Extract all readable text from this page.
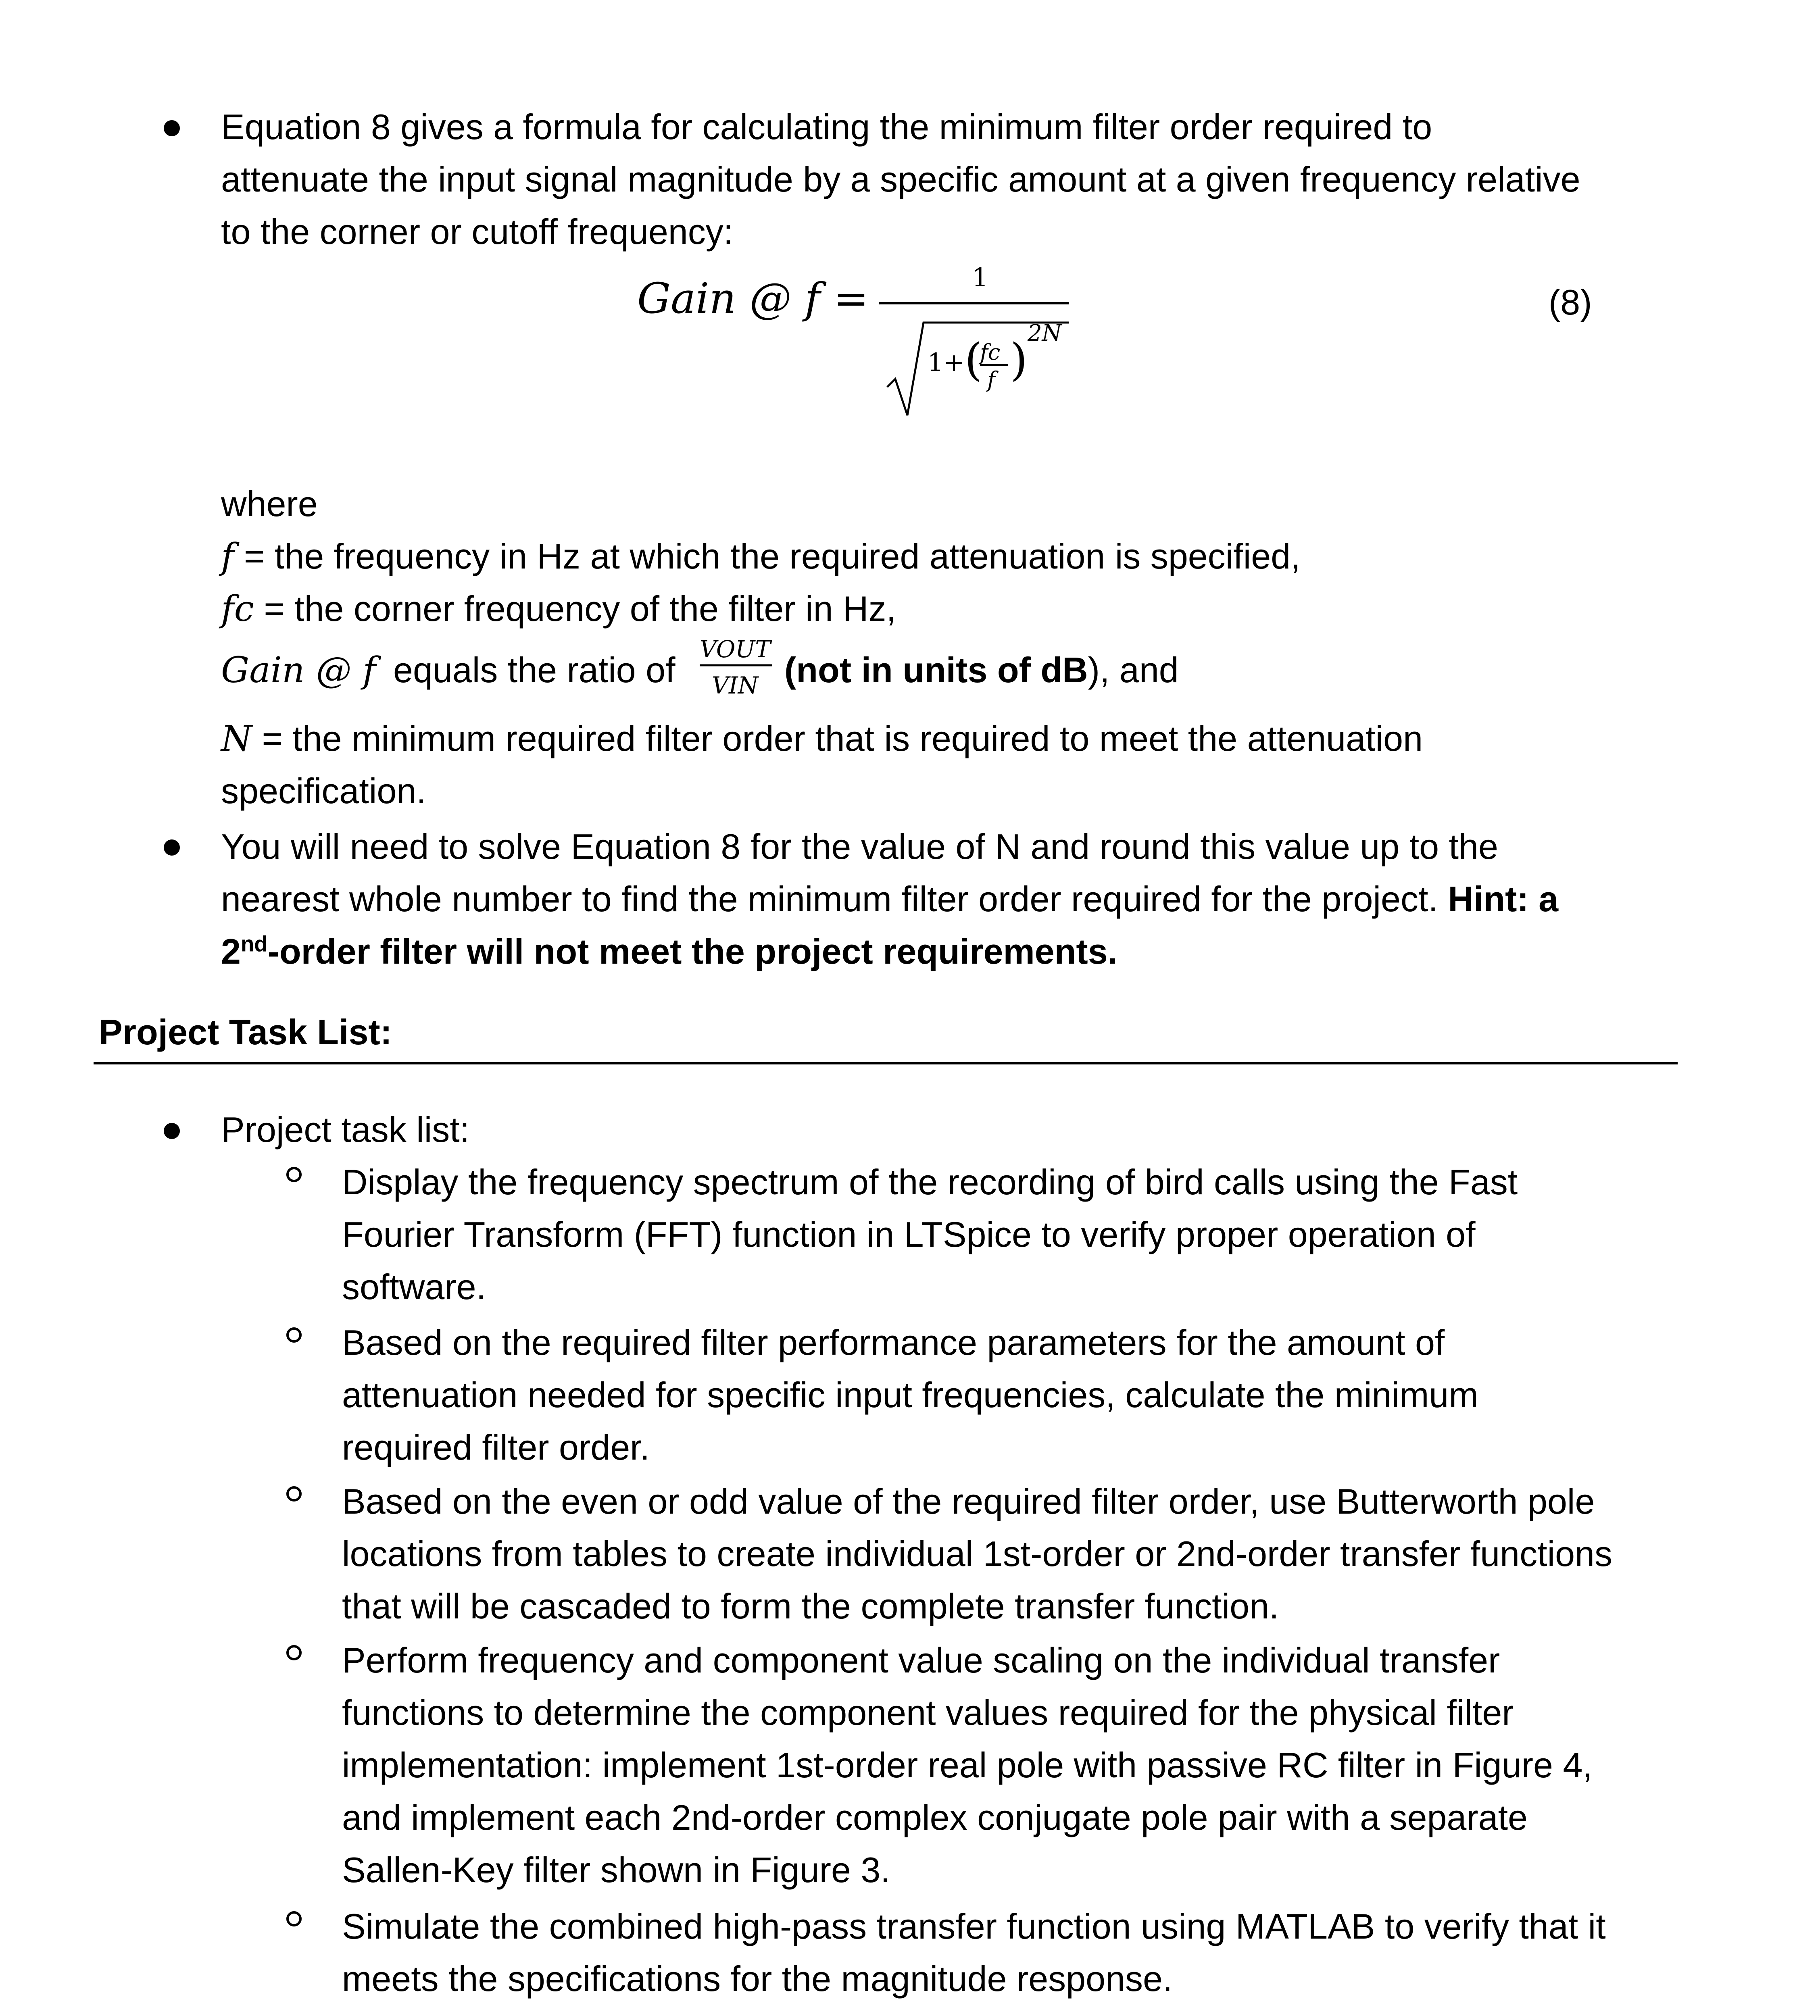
Equation 8 gives a formula for calculating the minimum filter order required to
attenuate the input signal magnitude by a specific amount at a given frequency relative
to the corner or cutoff frequency:
Gain @ f =	1
1+ (
fc
f )
2N
(8)
where
f = the frequency in Hz at which the required attenuation is specified,
fc = the corner frequency of the filter in Hz,
Gain @ f equals the ratio of
VOUT
VIN (not in units of dB), and
N = the minimum required filter order that is required to meet the attenuation
specification.
You will need to solve Equation 8 for the value of N and round this value up to the
nearest whole number to find the minimum filter order required for the project. Hint: a
2nd-order filter will not meet the project requirements.
Project Task List:
Project task list:
Display the frequency spectrum of the recording of bird calls using the Fast
Fourier Transform (FFT) function in LTSpice to verify proper operation of
software.
Based on the required filter performance parameters for the amount of
attenuation needed for specific input frequencies, calculate the minimum
required filter order.
Based on the even or odd value of the required filter order, use Butterworth pole
locations from tables to create individual 1st-order or 2nd-order transfer functions
that will be cascaded to form the complete transfer function.
Perform frequency and component value scaling on the individual transfer
functions to determine the component values required for the physical filter
implementation: implement 1st-order real pole with passive RC filter in Figure 4,
and implement each 2nd-order complex conjugate pole pair with a separate
Sallen-Key filter shown in Figure 3.
Simulate the combined high-pass transfer function using MATLAB to verify that it
meets the specifications for the magnitude response.
